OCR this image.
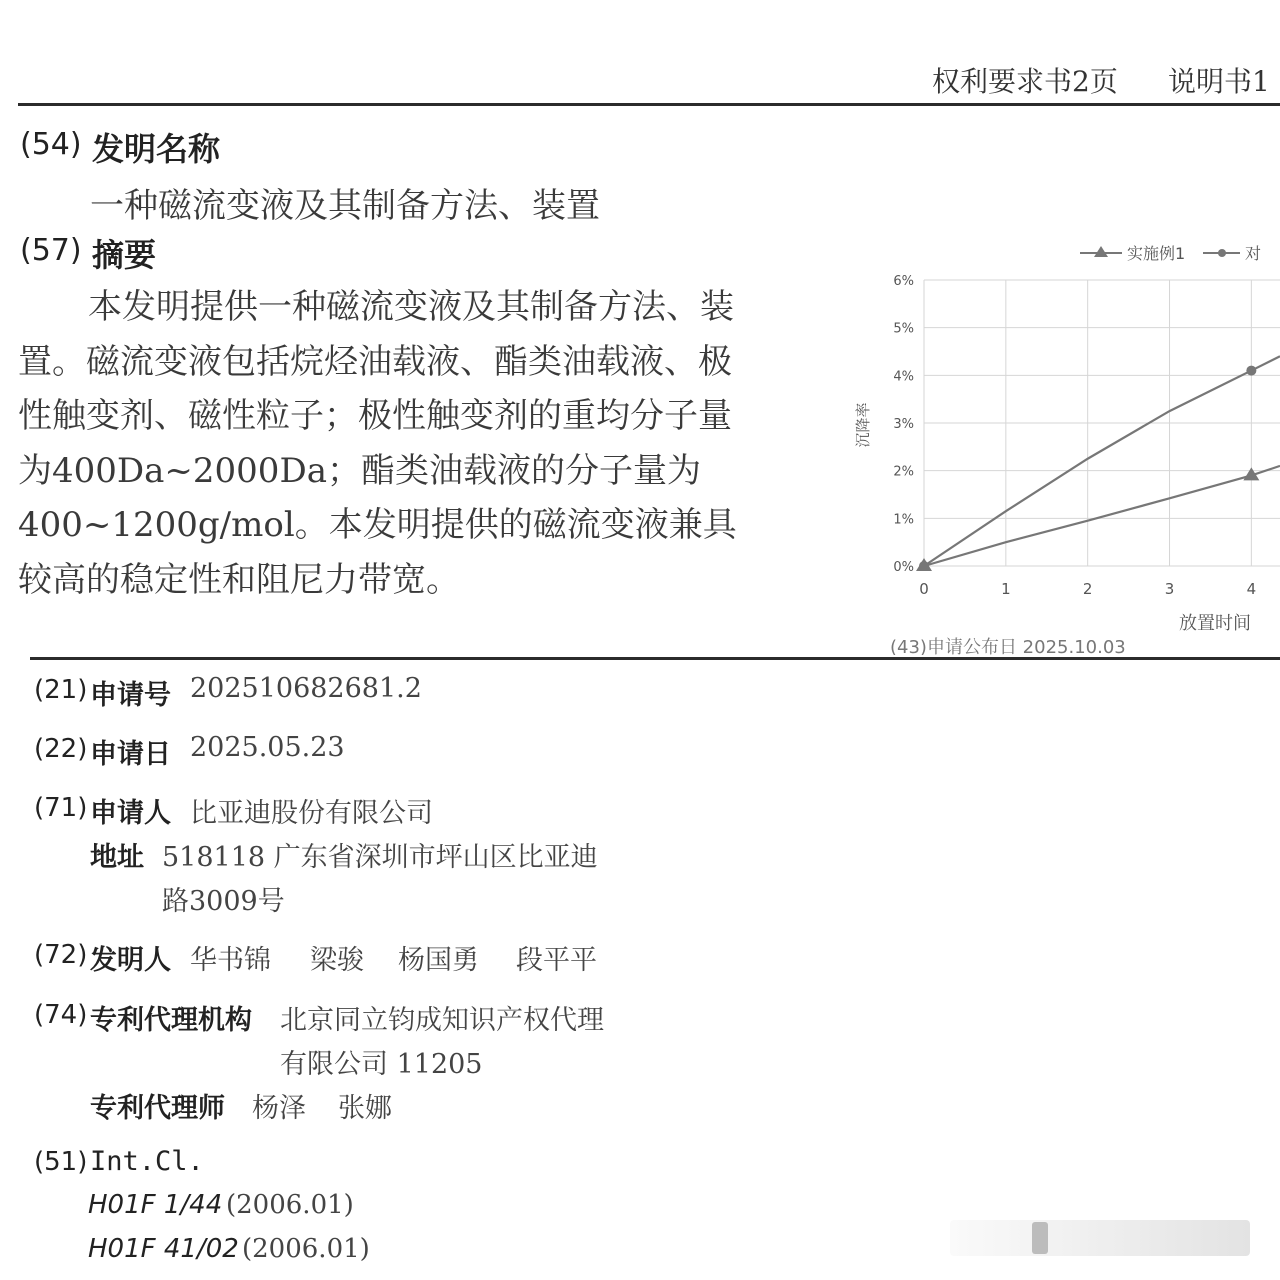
权利要求书2页 说明书1
(54) 发明名称
一种磁流变液及其制备方法、装置
(57) 摘要
本发明提供一种磁流变液及其制备方法、装置。磁流变液包括烷烃油载液、酯类油载液、极性触变剂、磁性粒子；极性触变剂的重均分子量为400Da~2000Da；酯类油载液的分子量为400~1200g/mol。本发明提供的磁流变液兼具较高的稳定性和阻尼力带宽。
实施例1	对
0%
1%
2%
3%
4%
5%
6%
0	1	2	3	4
沉降率
放置时间
(43)申请公布日 2025.10.03
(21) 申请号 202510682681.2
(22) 申请日 2025.05.23
(71) 申请人 比亚迪股份有限公司
地址 518118 广东省深圳市坪山区比亚迪
路3009号
(72) 发明人 华书锦 梁骏 杨国勇 段平平
(74) 专利代理机构 北京同立钧成知识产权代理
有限公司 11205
专利代理师 杨泽 张娜
(51) Int.Cl.
H01F 1/44 (2006.01)
H01F 41/02 (2006.01)
